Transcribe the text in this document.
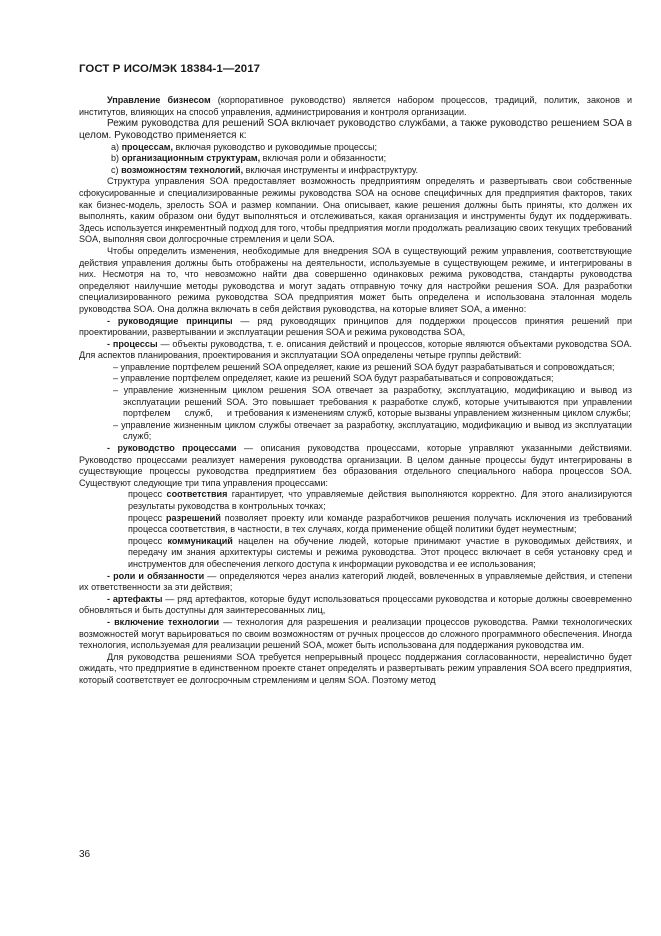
ГОСТ Р ИСО/МЭК 18384-1—2017

Управление бизнесом (корпоративное руководство) является набором процессов, традиций, политик, законов и институтов, влияющих на способ управления, администрирования и контроля организации.

Режим руководства для решений SOA включает руководство службами, а также руководство решением SOA в целом. Руководство применяется к:

a) процессам, включая руководство и руководимые процессы;

b) организационным структурам, включая роли и обязанности;

c) возможностям технологий, включая инструменты и инфраструктуру.

Структура управления SOA предоставляет возможность предприятиям определять и развертывать свои собственные сфокусированные и специализированные режимы руководства SOA на основе специфичных для предприятия факторов, таких как бизнес-модель, зрелость SOA и размер компании. Она описывает, какие решения должны быть приняты, кто должен их выполнять, каким образом они будут выполняться и отслеживаться, какая организация и инструменты будут их поддерживать. Здесь используется инкрементный подход для того, чтобы предприятия могли продолжать реализацию своих текущих требований SOA, выполняя свои долгосрочные стремления и цели SOA.

Чтобы определить изменения, необходимые для внедрения SOA в существующий режим управления, соответствующие действия управления должны быть отображены на деятельности, используемые в существующем режиме, и интегрированы в них. Несмотря на то, что невозможно найти два совершенно одинаковых режима руководства, стандарты руководства определяют наилучшие методы руководства и могут задать отправную точку для настройки решения SOA. Для разработки специализированного режима руководства SOA предприятия может быть определена и использована эталонная модель руководства SOA. Она должна включать в себя действия руководства, на которые влияет SOA, а именно:

- руководящие принципы — ряд руководящих принципов для поддержки процессов принятия решений при проектировании, развертывании и эксплуатации решения SOA и режима руководства SOA,

- процессы — объекты руководства, т. е. описания действий и процессов, которые являются объектами руководства SOA. Для аспектов планирования, проектирования и эксплуатации SOA определены четыре группы действий:

– управление портфелем решений SOA определяет, какие из решений SOA будут разрабатываться и сопровождаться;

– управление портфелем определяет, какие из решений SOA будут разрабатываться и сопровождаться;

– управление жизненным циклом решения SOA отвечает за разработку, эксплуатацию, модификацию и вывод из эксплуатации решений SOA. Это повышает требования к разработке служб, которые учитываются при управлении портфелем служб, и требования к изменениям служб, которые вызваны управлением жизненным циклом службы;

– управление жизненным циклом службы отвечает за разработку, эксплуатацию, модификацию и вывод из эксплуатации служб;

- руководство процессами — описания руководства процессами, которые управляют указанными действиями. Руководство процессами реализует намерения руководства организации. В целом данные процессы будут интегрированы в существующие процессы руководства предприятием без образования отдельного специального набора процессов SOA. Существуют следующие три типа управления процессами:

процесс соответствия гарантирует, что управляемые действия выполняются корректно. Для этого анализируются результаты руководства в контрольных точках;

процесс разрешений позволяет проекту или команде разработчиков решения получать исключения из требований процесса соответствия, в частности, в тех случаях, когда применение общей политики будет неуместным;

процесс коммуникаций нацелен на обучение людей, которые принимают участие в руководимых действиях, и передачу им знания архитектуры системы и режима руководства. Этот процесс включает в себя установку сред и инструментов для обеспечения легкого доступа к информации руководства и ее использования;

- роли и обязанности — определяются через анализ категорий людей, вовлеченных в управляемые действия, и степени их ответственности за эти действия;

- артефакты — ряд артефактов, которые будут использоваться процессами руководства и которые должны своевременно обновляться и быть доступны для заинтересованных лиц,

- включение технологии — технология для разрешения и реализации процессов руководства. Рамки технологических возможностей могут варьироваться по своим возможностям от ручных процессов до сложного программного обеспечения. Иногда технология, используемая для реализации решений SOA, может быть использована для поддержания руководства им.

Для руководства решениями SOA требуется непрерывный процесс поддержания согласованности, нерealистично будет ожидать, что предприятие в единственном проекте станет определять и развертывать режим управления SOA всего предприятия, который соответствует ее долгосрочным стремлениям и целям SOA. Поэтому метод

36
